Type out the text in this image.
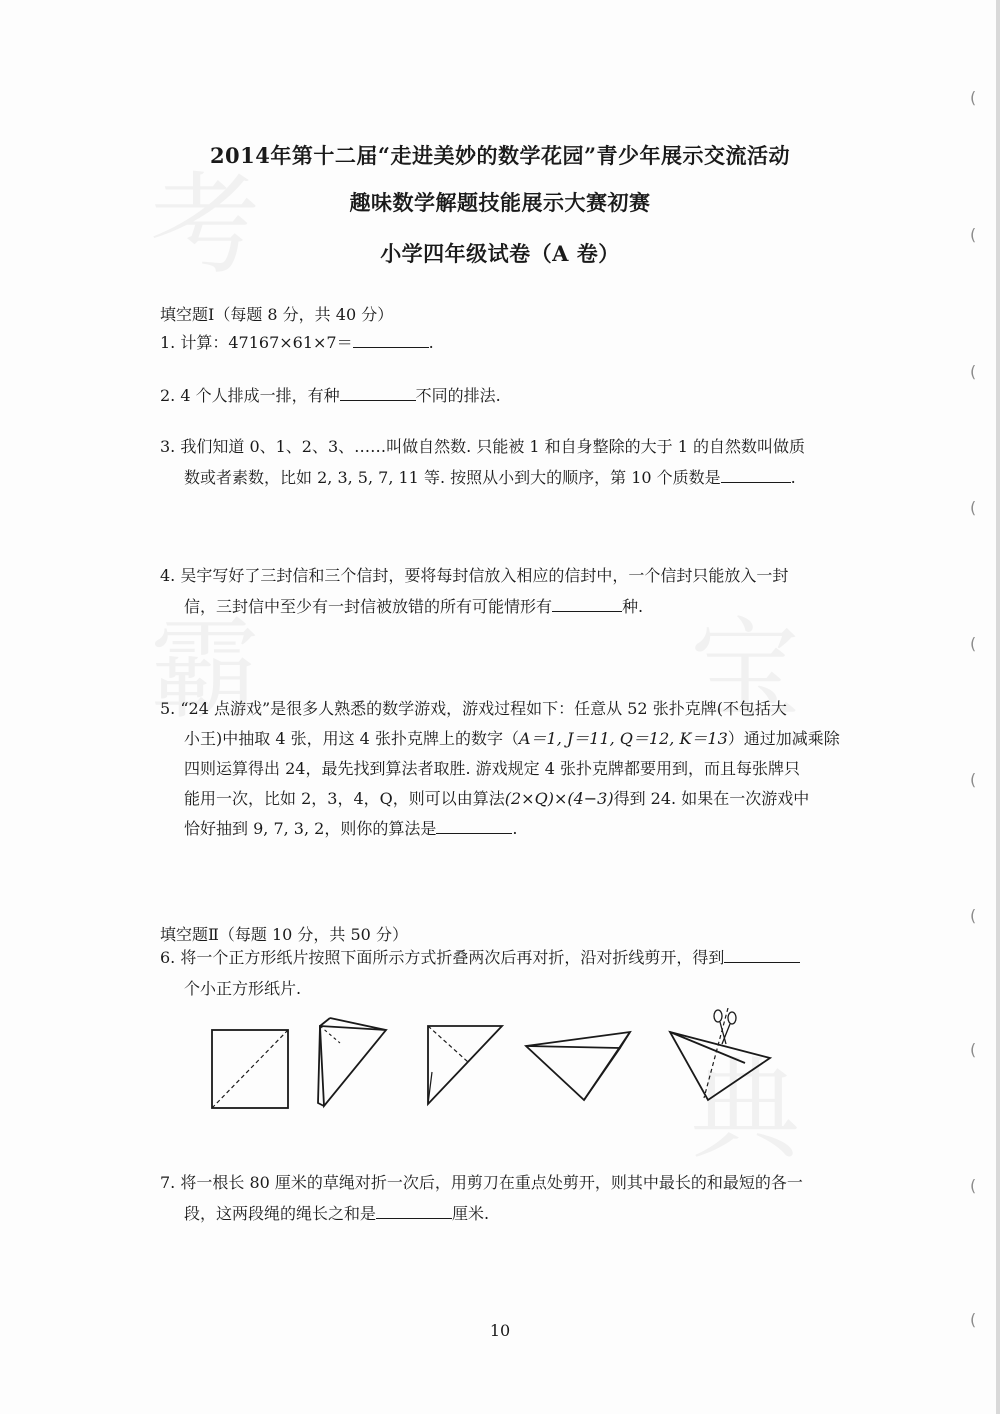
考
霸	宝
典
(
(
(
(
(
(
(
(
(
(
2014年第十二届“走进美妙的数学花园”青少年展示交流活动
趣味数学解题技能展示大赛初赛
小学四年级试卷（A 卷）
填空题Ⅰ（每题 8 分，共 40 分）
1. 计算：47167×61×7＝	.
2. 4 个人排成一排，有种	不同的排法.
3. 我们知道 0、1、2、3、……叫做自然数. 只能被 1 和自身整除的大于 1 的自然数叫做质
数或者素数，比如 2, 3, 5, 7, 11 等. 按照从小到大的顺序，第 10 个质数是	.
4. 吴宇写好了三封信和三个信封，要将每封信放入相应的信封中，一个信封只能放入一封
信，三封信中至少有一封信被放错的所有可能情形有	种.
5. “24 点游戏”是很多人熟悉的数学游戏，游戏过程如下：任意从 52 张扑克牌(不包括大
小王)中抽取 4 张，用这 4 张扑克牌上的数字（A＝1, J＝11, Q＝12, K＝13）通过加减乘除
四则运算得出 24，最先找到算法者取胜. 游戏规定 4 张扑克牌都要用到，而且每张牌只
能用一次，比如 2，3，4，Q，则可以由算法(2×Q)×(4−3)得到 24. 如果在一次游戏中
恰好抽到 9, 7, 3, 2，则你的算法是	.
填空题Ⅱ（每题 10 分，共 50 分）
6. 将一个正方形纸片按照下面所示方式折叠两次后再对折，沿对折线剪开，得到
个小正方形纸片.
7. 将一根长 80 厘米的草绳对折一次后，用剪刀在重点处剪开，则其中最长的和最短的各一
段，这两段绳的绳长之和是	厘米.
10
